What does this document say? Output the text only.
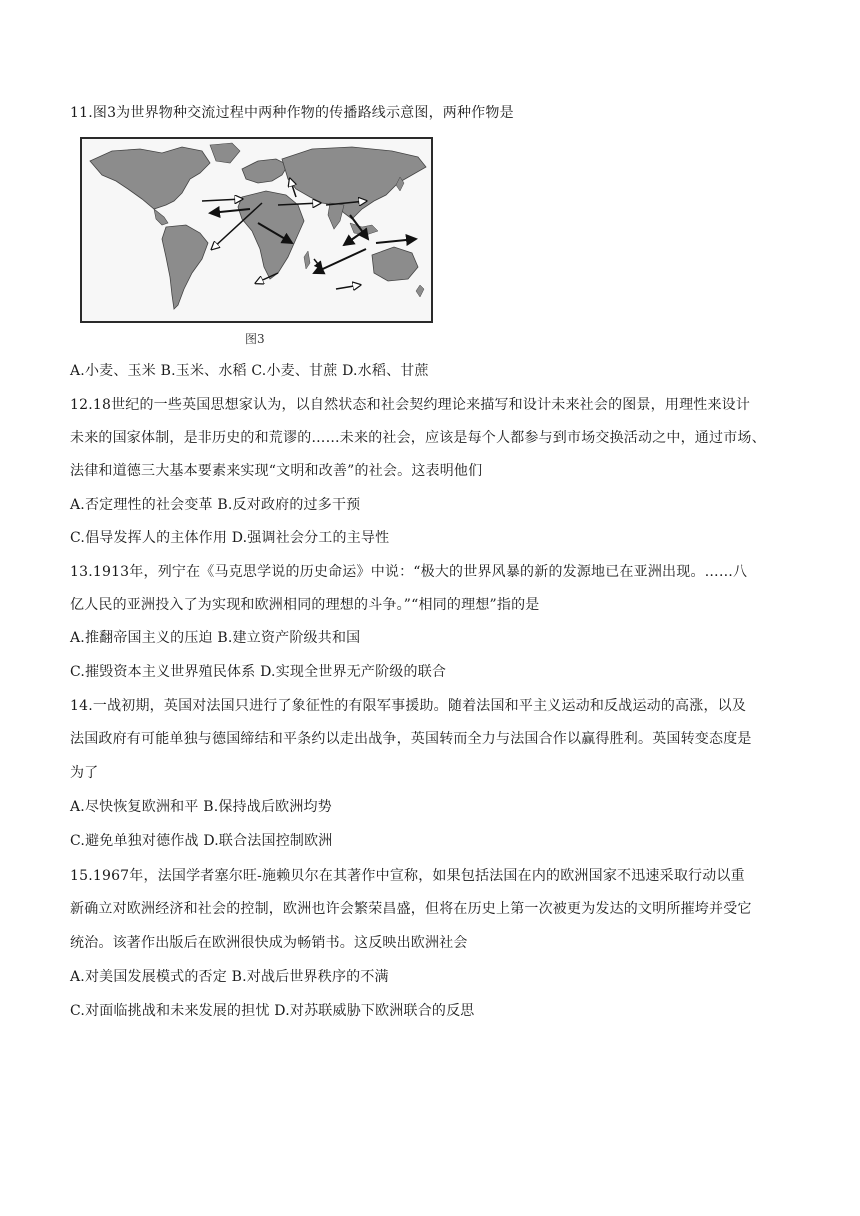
11.图3为世界物种交流过程中两种作物的传播路线示意图，两种作物是
图3
A.小麦、玉米 B.玉米、水稻 C.小麦、甘蔗 D.水稻、甘蔗
12.18世纪的一些英国思想家认为，以自然状态和社会契约理论来描写和设计未来社会的图景，用理性来设计
未来的国家体制，是非历史的和荒谬的……未来的社会，应该是每个人都参与到市场交换活动之中，通过市场、
法律和道德三大基本要素来实现“文明和改善”的社会。这表明他们
A.否定理性的社会变革 B.反对政府的过多干预
C.倡导发挥人的主体作用 D.强调社会分工的主导性
13.1913年，列宁在《马克思学说的历史命运》中说：“极大的世界风暴的新的发源地已在亚洲出现。……八
亿人民的亚洲投入了为实现和欧洲相同的理想的斗争。”“相同的理想”指的是
A.推翻帝国主义的压迫 B.建立资产阶级共和国
C.摧毁资本主义世界殖民体系 D.实现全世界无产阶级的联合
14.一战初期，英国对法国只进行了象征性的有限军事援助。随着法国和平主义运动和反战运动的高涨，以及
法国政府有可能单独与德国缔结和平条约以走出战争，英国转而全力与法国合作以赢得胜利。英国转变态度是
为了
A.尽快恢复欧洲和平 B.保持战后欧洲均势
C.避免单独对德作战 D.联合法国控制欧洲
15.1967年，法国学者塞尔旺-施赖贝尔在其著作中宣称，如果包括法国在内的欧洲国家不迅速采取行动以重
新确立对欧洲经济和社会的控制，欧洲也许会繁荣昌盛，但将在历史上第一次被更为发达的文明所摧垮并受它
统治。该著作出版后在欧洲很快成为畅销书。这反映出欧洲社会
A.对美国发展模式的否定 B.对战后世界秩序的不满
C.对面临挑战和未来发展的担忧 D.对苏联威胁下欧洲联合的反思
